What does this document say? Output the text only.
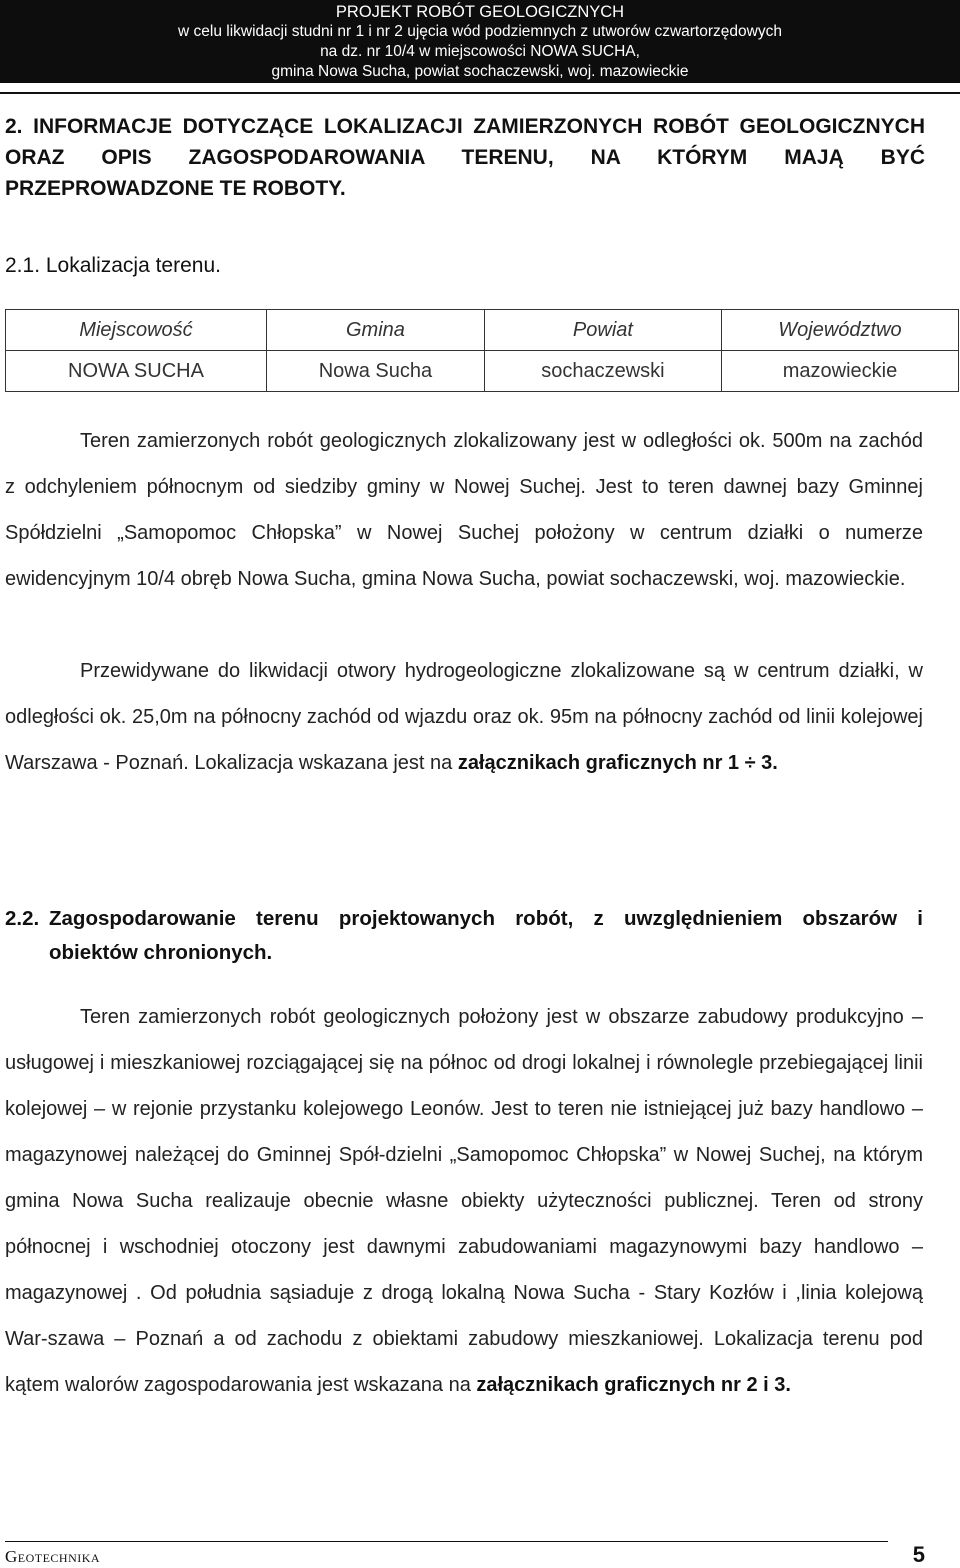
PROJEKT ROBÓT GEOLOGICZNYCH
w celu likwidacji studni nr 1 i nr 2 ujęcia wód podziemnych z utworów czwartorzędowych
na dz. nr 10/4 w miejscowości NOWA SUCHA,
gmina Nowa Sucha, powiat sochaczewski, woj. mazowieckie
2. INFORMACJE DOTYCZĄCE LOKALIZACJI ZAMIERZONYCH ROBÓT GEOLOGICZNYCH
ORAZ OPIS ZAGOSPODAROWANIA TERENU, NA KTÓRYM MAJĄ BYĆ
PRZEPROWADZONE TE ROBOTY.
2.1. Lokalizacja terenu.
Miejscowość	Gmina	Powiat	Województwo
NOWA SUCHA	Nowa Sucha	sochaczewski	mazowieckie
Teren zamierzonych robót geologicznych zlokalizowany jest w odległości ok. 500m na zachód z odchyleniem północnym od siedziby gminy w Nowej Suchej. Jest to teren dawnej bazy Gminnej Spółdzielni „Samopomoc Chłopska” w Nowej Suchej położony w centrum działki o numerze ewidencyjnym 10/4 obręb Nowa Sucha, gmina Nowa Sucha, powiat sochaczewski, woj. mazowieckie.
Przewidywane do likwidacji otwory hydrogeologiczne zlokalizowane są w centrum działki, w odległości ok. 25,0m na północny zachód od wjazdu oraz ok. 95m na północny zachód od linii kolejowej Warszawa - Poznań. Lokalizacja wskazana jest na załącznikach graficznych nr 1 ÷ 3.
2.2. Zagospodarowanie terenu projektowanych robót, z uwzględnieniem obszarów i
obiektów chronionych.
Teren zamierzonych robót geologicznych położony jest w obszarze zabudowy produkcyjno – usługowej i mieszkaniowej rozciągającej się na północ od drogi lokalnej i równolegle przebiegającej linii kolejowej – w rejonie przystanku kolejowego Leonów. Jest to teren nie istniejącej już bazy handlowo – magazynowej należącej do Gminnej Spół-dzielni „Samopomoc Chłopska” w Nowej Suchej, na którym gmina Nowa Sucha realizauje obecnie własne obiekty użyteczności publicznej. Teren od strony północnej i wschodniej otoczony jest dawnymi zabudowaniami magazynowymi bazy handlowo – magazynowej . Od południa sąsiaduje z drogą lokalną Nowa Sucha - Stary Kozłów i ,linia kolejową War-szawa – Poznań a od zachodu z obiektami zabudowy mieszkaniowej. Lokalizacja terenu pod kątem walorów zagospodarowania jest wskazana na załącznikach graficznych nr 2 i 3.
Geotechnika	5
